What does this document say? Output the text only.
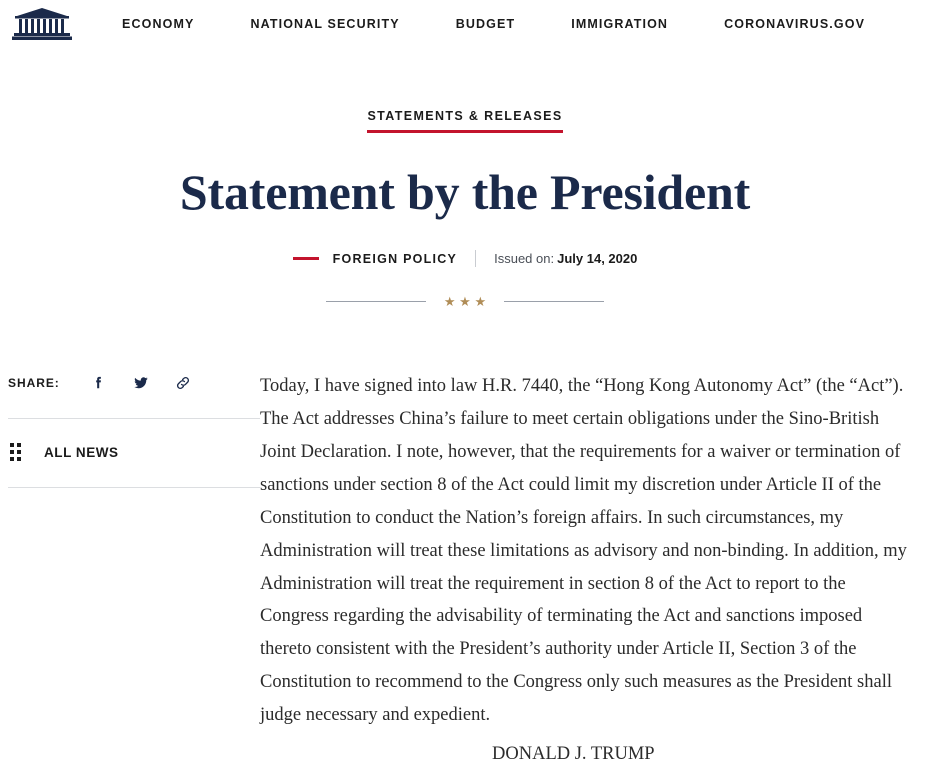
ECONOMY	NATIONAL SECURITY	BUDGET	IMMIGRATION	CORONAVIRUS.GOV
STATEMENTS & RELEASES
Statement by the President
FOREIGN POLICY	Issued on: July 14, 2020
★ ★ ★
SHARE:
ALL NEWS

Today, I have signed into law H.R. 7440, the “Hong Kong Autonomy Act” (the “Act”). The Act addresses China’s failure to meet certain obligations under the Sino-British Joint Declaration. I note, however, that the requirements for a waiver or termination of sanctions under section 8 of the Act could limit my discretion under Article II of the Constitution to conduct the Nation’s foreign affairs. In such circumstances, my Administration will treat these limitations as advisory and non-binding. In addition, my Administration will treat the requirement in section 8 of the Act to report to the Congress regarding the advisability of terminating the Act and sanctions imposed thereto consistent with the President’s authority under Article II, Section 3 of the Constitution to recommend to the Congress only such measures as the President shall judge necessary and expedient.

DONALD J. TRUMP
